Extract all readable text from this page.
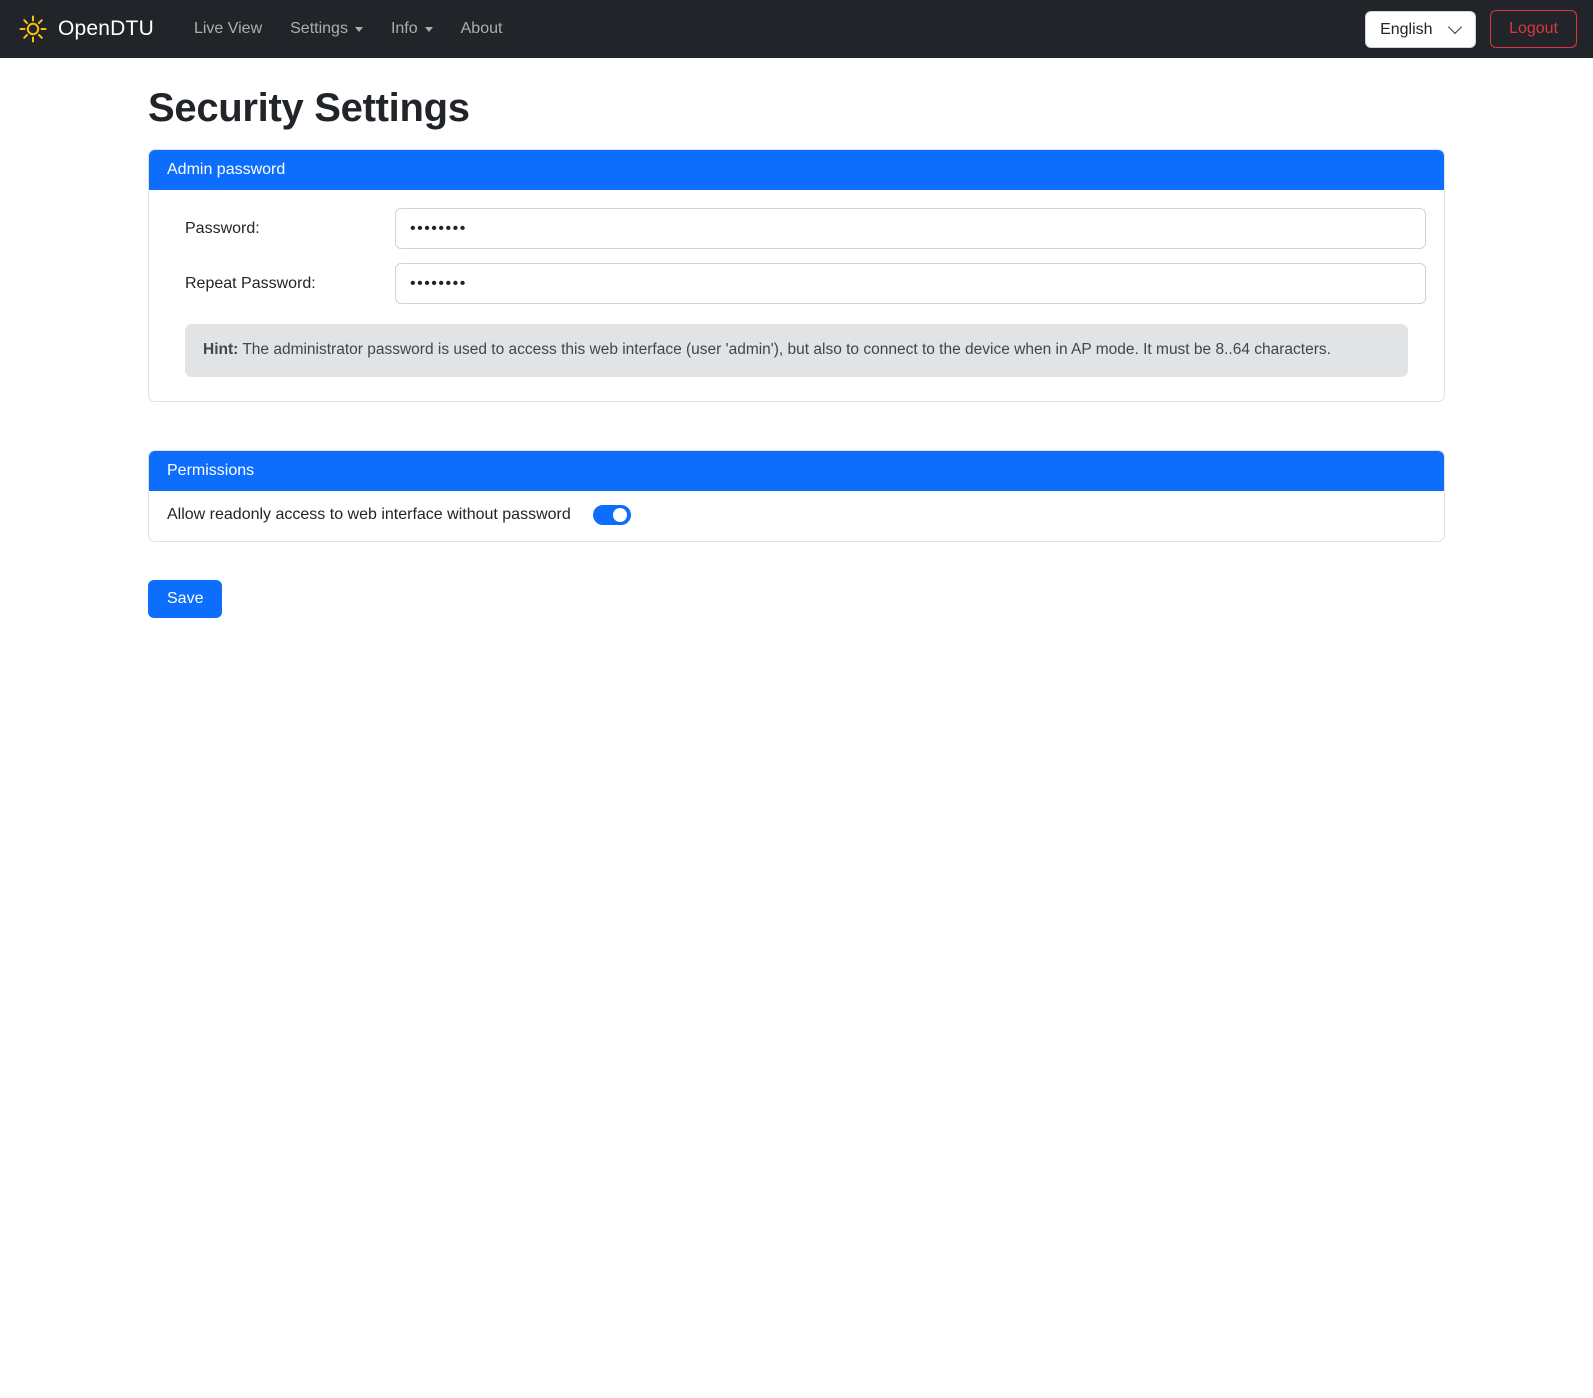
OpenDTU	Live View Settings	Info	About
English	Logout
Security Settings
Admin password
Password:
••••••••
Repeat Password:
••••••••
Hint: The administrator password is used to access this web interface (user 'admin'), but also to connect to the device when in AP mode. It must be 8..64 characters.
Permissions
Allow readonly access to web interface without password
Save
